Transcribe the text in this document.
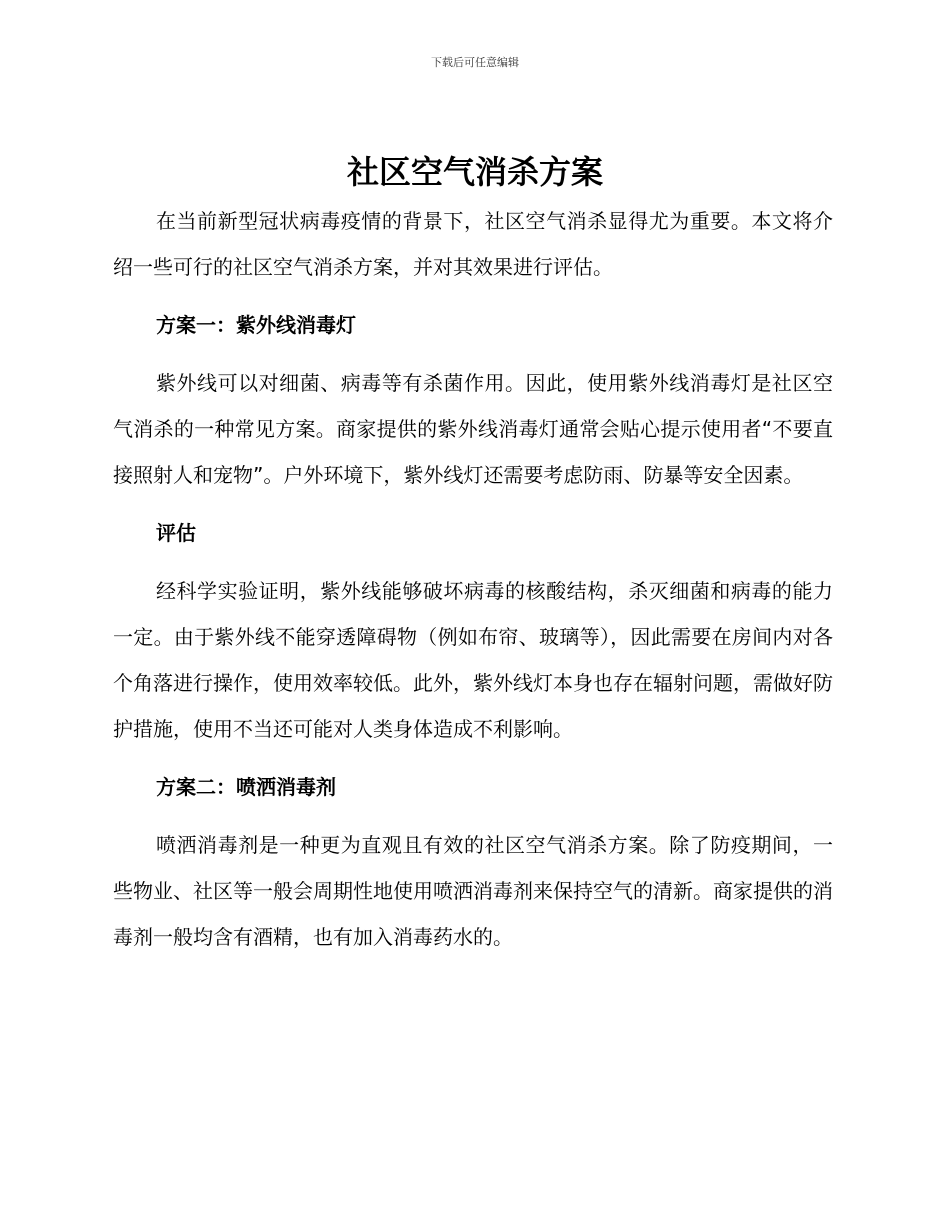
下载后可任意编辑
社区空气消杀方案

在当前新型冠状病毒疫情的背景下，社区空气消杀显得尤为重要。本文将介绍一些可行的社区空气消杀方案，并对其效果进行评估。

方案一：紫外线消毒灯

紫外线可以对细菌、病毒等有杀菌作用。因此，使用紫外线消毒灯是社区空气消杀的一种常见方案。商家提供的紫外线消毒灯通常会贴心提示使用者“不要直接照射人和宠物”。户外环境下，紫外线灯还需要考虑防雨、防暴等安全因素。

评估

经科学实验证明，紫外线能够破坏病毒的核酸结构，杀灭细菌和病毒的能力一定。由于紫外线不能穿透障碍物（例如布帘、玻璃等），因此需要在房间内对各个角落进行操作，使用效率较低。此外，紫外线灯本身也存在辐射问题，需做好防护措施，使用不当还可能对人类身体造成不利影响。

方案二：喷洒消毒剂

喷洒消毒剂是一种更为直观且有效的社区空气消杀方案。除了防疫期间，一些物业、社区等一般会周期性地使用喷洒消毒剂来保持空气的清新。商家提供的消毒剂一般均含有酒精，也有加入消毒药水的。
